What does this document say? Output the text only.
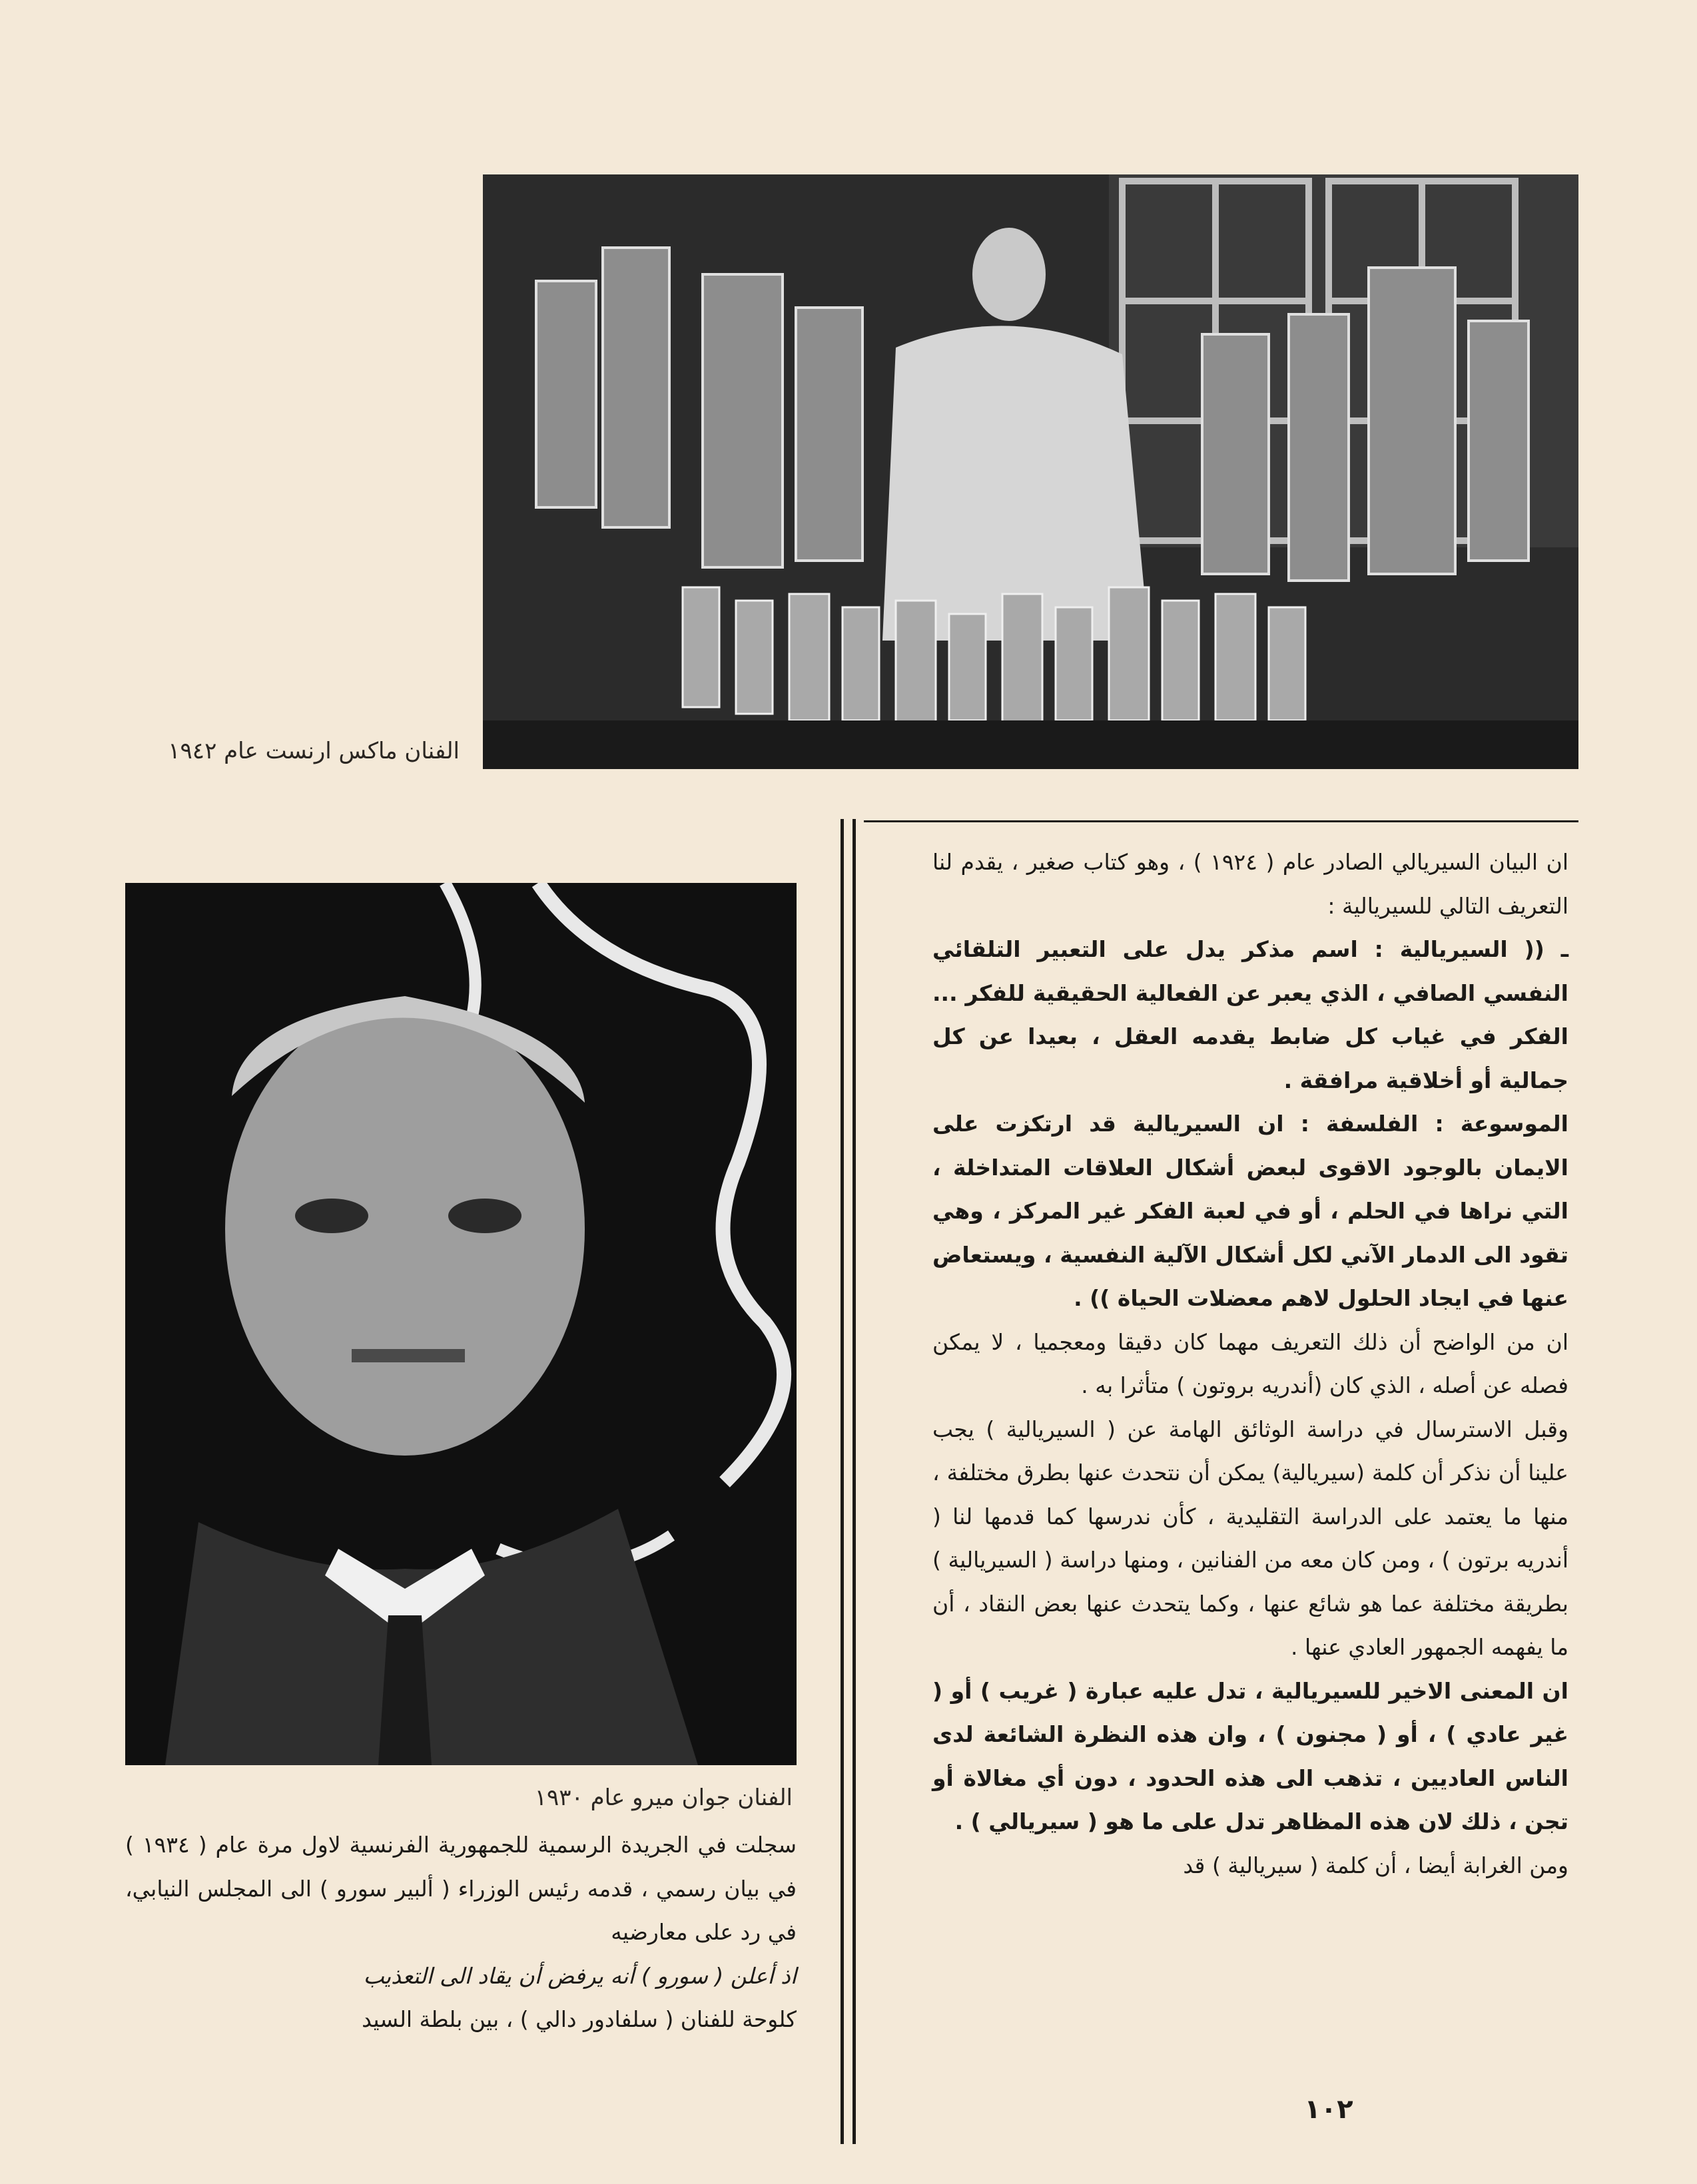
الفنان ماكس ارنست عام ١٩٤٢
الفنان جوان ميرو عام ١٩٣٠

ان البيان السيريالي الصادر عام ( ١٩٢٤ ) ، وهو كتاب صغير ، يقدم لنا التعريف التالي للسيريالية :

ـ (( السيريالية : اسم مذكر يدل على التعبير التلقائي النفسي الصافي ، الذي يعبر عن الفعالية الحقيقية للفكر ... الفكر في غياب كل ضابط يقدمه العقل ، بعيدا عن كل جمالية أو أخلاقية مرافقة .

الموسوعة : الفلسفة : ان السيريالية قد ارتكزت على الايمان بالوجود الاقوى لبعض أشكال العلاقات المتداخلة ، التي نراها في الحلم ، أو في لعبة الفكر غير المركز ، وهي تقود الى الدمار الآني لكل أشكال الآلية النفسية ، ويستعاض عنها في ايجاد الحلول لاهم معضلات الحياة )) .

ان من الواضح أن ذلك التعريف مهما كان دقيقا ومعجميا ، لا يمكن فصله عن أصله ، الذي كان (أندريه بروتون ) متأثرا به .

وقبل الاسترسال في دراسة الوثائق الهامة عن ( السيريالية ) يجب علينا أن نذكر أن كلمة (سيريالية) يمكن أن نتحدث عنها بطرق مختلفة ، منها ما يعتمد على الدراسة التقليدية ، كأن ندرسها كما قدمها لنا ( أندريه برتون ) ، ومن كان معه من الفنانين ، ومنها دراسة ( السيريالية ) بطريقة مختلفة عما هو شائع عنها ، وكما يتحدث عنها بعض النقاد ، أن ما يفهمه الجمهور العادي عنها .

ان المعنى الاخير للسيريالية ، تدل عليه عبارة ( غريب ) أو ( غير عادي ) ، أو ( مجنون ) ، وان هذه النظرة الشائعة لدى الناس العاديين ، تذهب الى هذه الحدود ، دون أي مغالاة أو تجن ، ذلك لان هذه المظاهر تدل على ما هو ( سيريالي ) .

ومن الغرابة أيضا ، أن كلمة ( سيريالية ) قد

سجلت في الجريدة الرسمية للجمهورية الفرنسية لاول مرة عام ( ١٩٣٤ ) في بيان رسمي ، قدمه رئيس الوزراء ( ألبير سورو ) الى المجلس النيابي، في رد على معارضيه

اذ أعلن ( سورو ) أنه يرفض أن يقاد الى التعذيب

كلوحة للفنان ( سلفادور دالي ) ، بين بلطة السيد

١٠٢
